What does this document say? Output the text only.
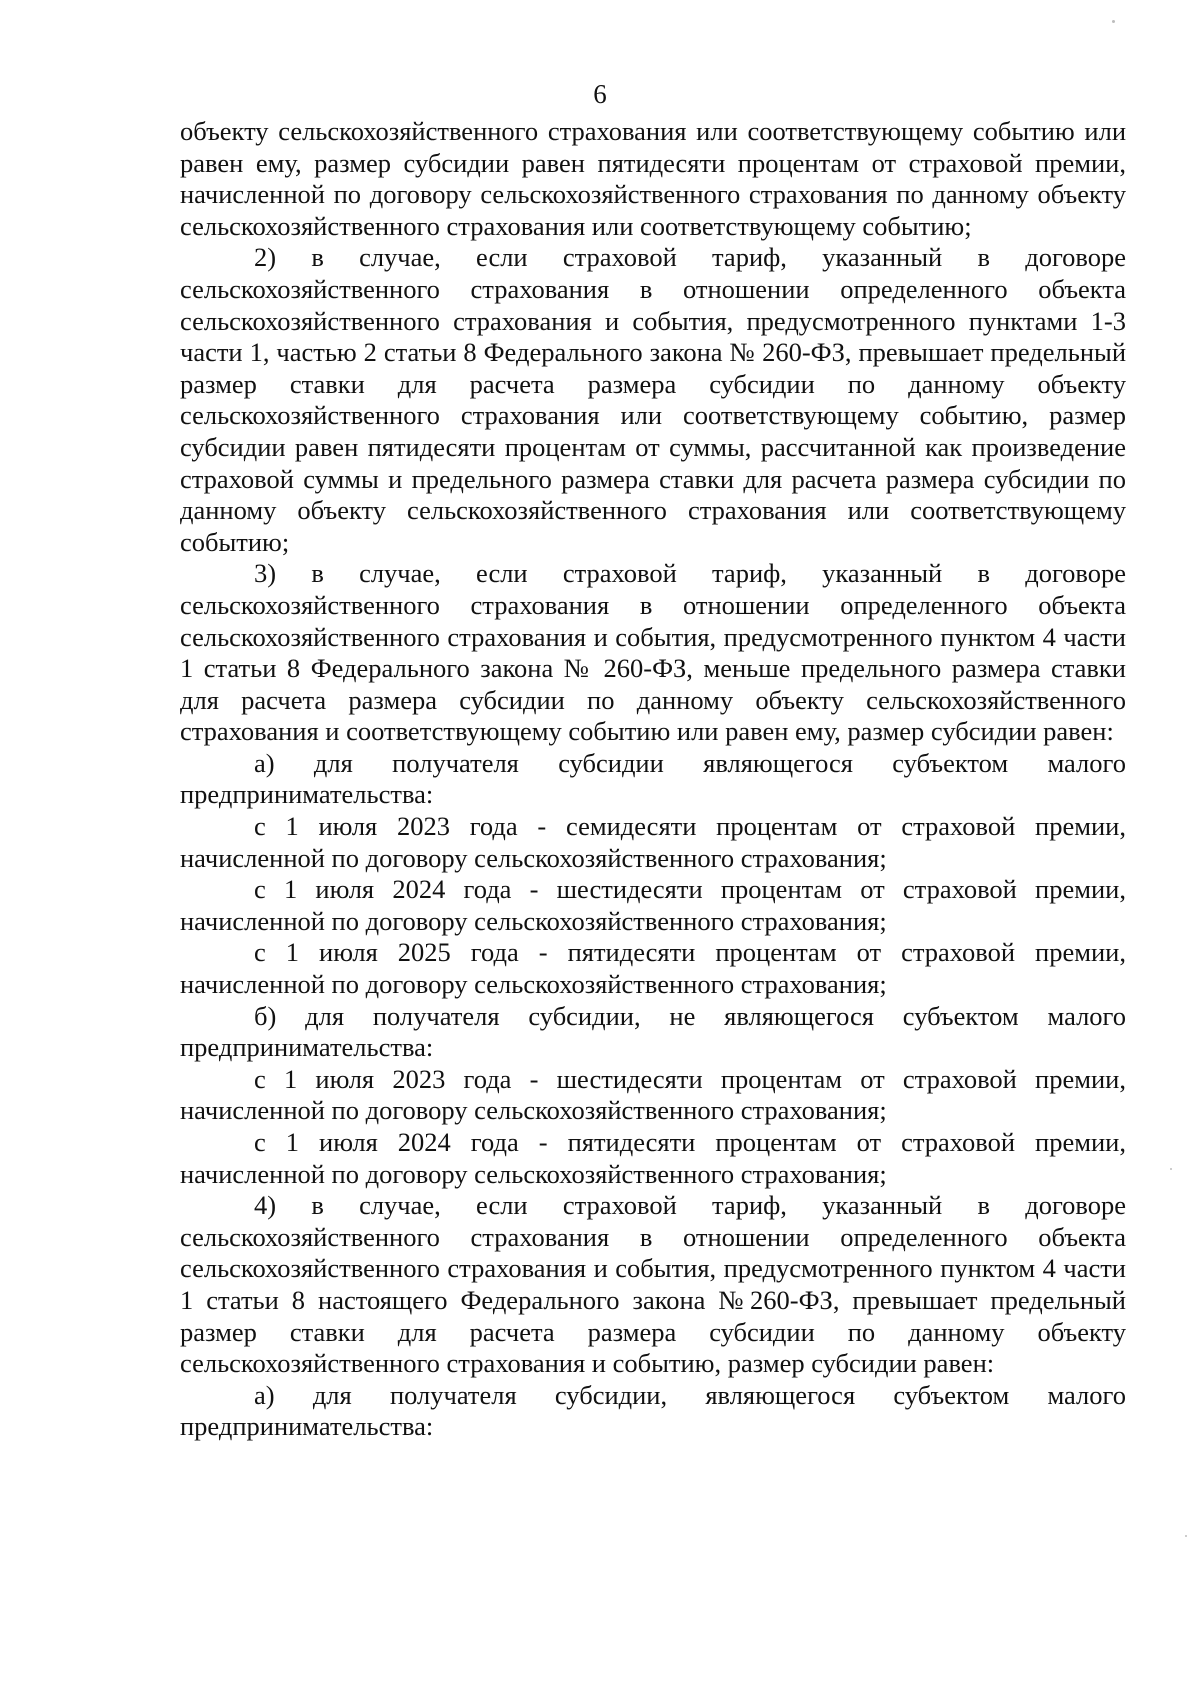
6

объекту сельскохозяйственного страхования или соответствующему событию или равен ему, размер субсидии равен пятидесяти процентам от страховой премии, начисленной по договору сельскохозяйственного страхования по данному объекту сельскохозяйственного страхования или соответствующему событию;

2) в случае, если страховой тариф, указанный в договоре сельскохозяйственного страхования в отношении определенного объекта сельскохозяйственного страхования и события, предусмотренного пунктами 1-3 части 1, частью 2 статьи 8 Федерального закона № 260-ФЗ, превышает предельный размер ставки для расчета размера субсидии по данному объекту сельскохозяйственного страхования или соответствующему событию, размер субсидии равен пятидесяти процентам от суммы, рассчитанной как произведение страховой суммы и предельного размера ставки для расчета размера субсидии по данному объекту сельскохозяйственного страхования или соответствующему событию;

3) в случае, если страховой тариф, указанный в договоре сельскохозяйственного страхования в отношении определенного объекта сельскохозяйственного страхования и события, предусмотренного пунктом 4 части 1 статьи 8 Федерального закона № 260-ФЗ, меньше предельного размера ставки для расчета размера субсидии по данному объекту сельскохозяйственного страхования и соответствующему событию или равен ему, размер субсидии равен:

а) для получателя субсидии являющегося субъектом малого предпринимательства:

с 1 июля 2023 года - семидесяти процентам от страховой премии, начисленной по договору сельскохозяйственного страхования;

с 1 июля 2024 года - шестидесяти процентам от страховой премии, начисленной по договору сельскохозяйственного страхования;

с 1 июля 2025 года - пятидесяти процентам от страховой премии, начисленной по договору сельскохозяйственного страхования;

б) для получателя субсидии, не являющегося субъектом малого предпринимательства:

с 1 июля 2023 года - шестидесяти процентам от страховой премии, начисленной по договору сельскохозяйственного страхования;

с 1 июля 2024 года - пятидесяти процентам от страховой премии, начисленной по договору сельскохозяйственного страхования;

4) в случае, если страховой тариф, указанный в договоре сельскохозяйственного страхования в отношении определенного объекта сельскохозяйственного страхования и события, предусмотренного пунктом 4 части 1 статьи 8 настоящего Федерального закона №260-ФЗ, превышает предельный размер ставки для расчета размера субсидии по данному объекту сельскохозяйственного страхования и событию, размер субсидии равен:

а) для получателя субсидии, являющегося субъектом малого предпринимательства:
